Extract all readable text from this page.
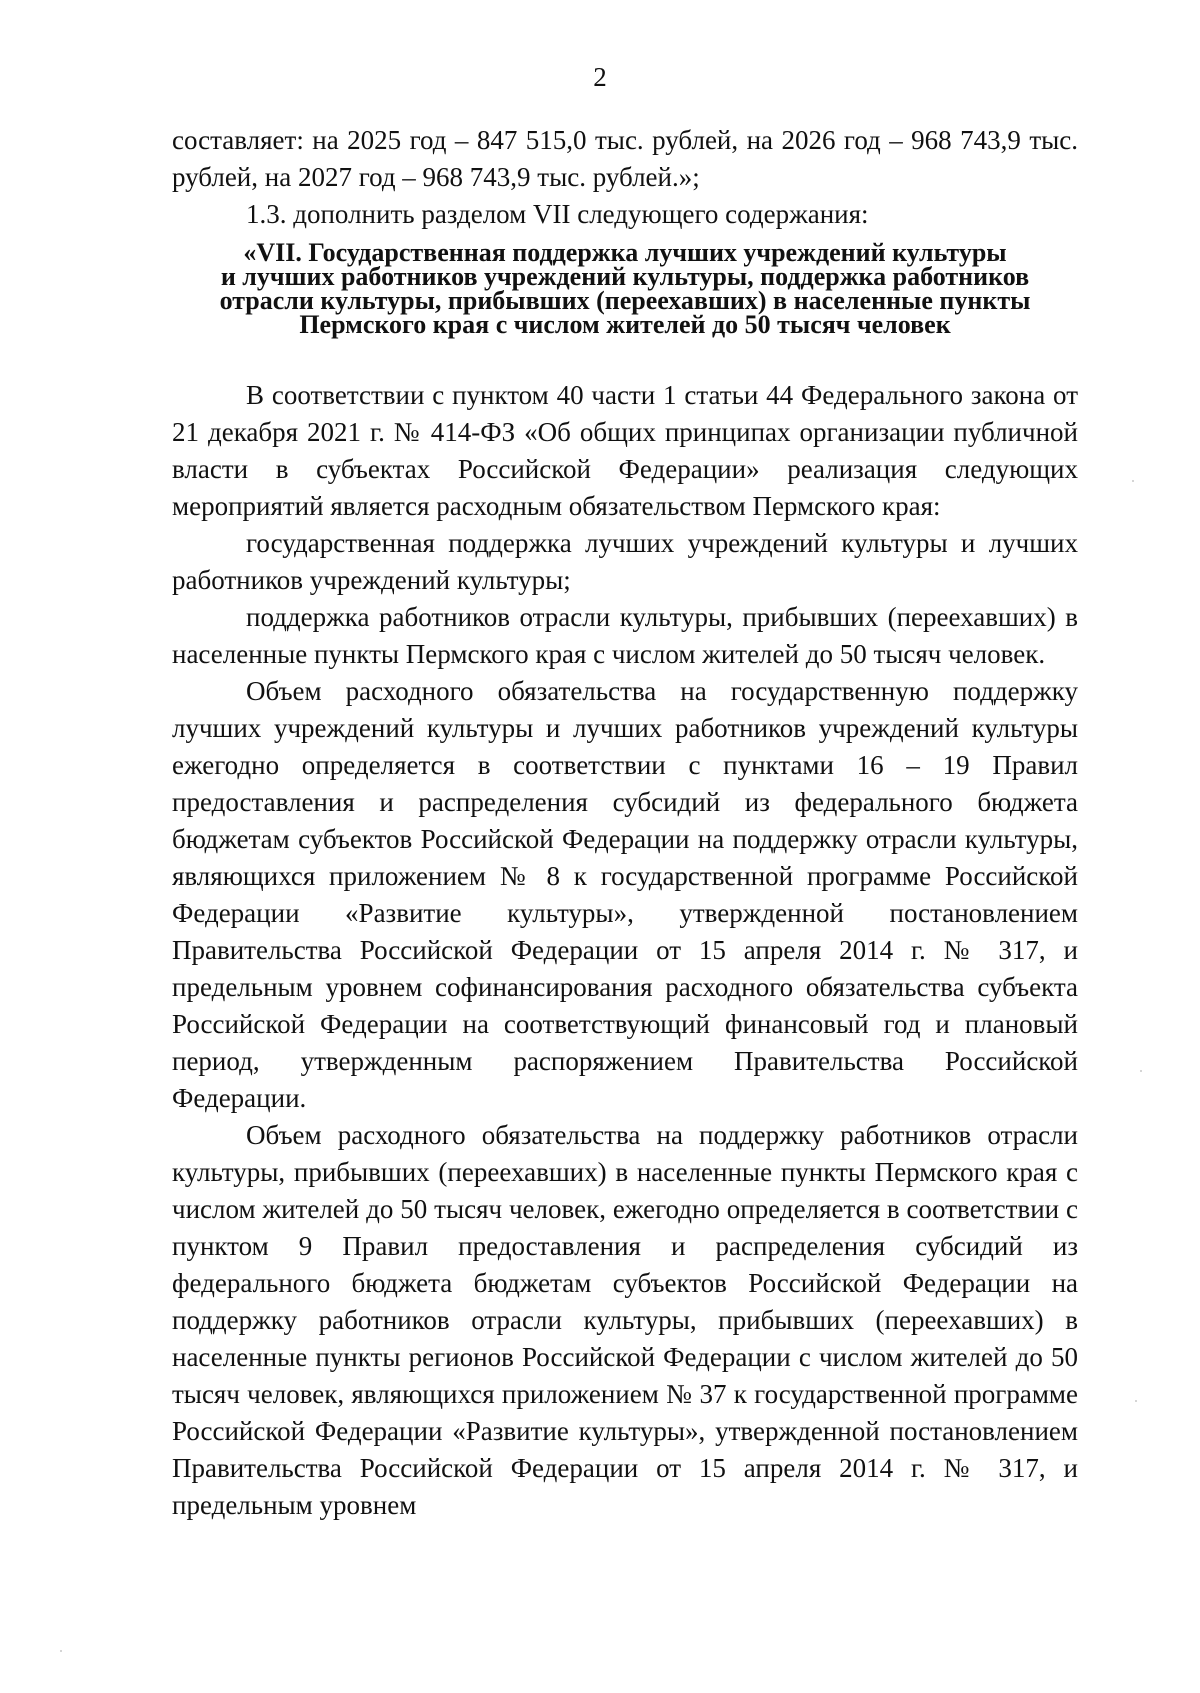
2

составляет: на 2025 год – 847 515,0 тыс. рублей, на 2026 год – 968 743,9 тыс. рублей, на 2027 год – 968 743,9 тыс. рублей.»;

1.3. дополнить разделом VII следующего содержания:

«VII. Государственная поддержка лучших учреждений культуры
и лучших работников учреждений культуры, поддержка работников
отрасли культуры, прибывших (переехавших) в населенные пункты
Пермского края с числом жителей до 50 тысяч человек

В соответствии с пунктом 40 части 1 статьи 44 Федерального закона от 21 декабря 2021 г. № 414-ФЗ «Об общих принципах организации публичной власти в субъектах Российской Федерации» реализация следующих мероприятий является расходным обязательством Пермского края:

государственная поддержка лучших учреждений культуры и лучших работников учреждений культуры;

поддержка работников отрасли культуры, прибывших (переехавших) в населенные пункты Пермского края с числом жителей до 50 тысяч человек.

Объем расходного обязательства на государственную поддержку лучших учреждений культуры и лучших работников учреждений культуры ежегодно определяется в соответствии с пунктами 16 – 19 Правил предоставления и распределения субсидий из федерального бюджета бюджетам субъектов Российской Федерации на поддержку отрасли культуры, являющихся приложением № 8 к государственной программе Российской Федерации «Развитие культуры», утвержденной постановлением Правительства Российской Федерации от 15 апреля 2014 г. № 317, и предельным уровнем софинансирования расходного обязательства субъекта Российской Федерации на соответствующий финансовый год и плановый период, утвержденным распоряжением Правительства Российской Федерации.

Объем расходного обязательства на поддержку работников отрасли культуры, прибывших (переехавших) в населенные пункты Пермского края с числом жителей до 50 тысяч человек, ежегодно определяется в соответствии с пунктом 9 Правил предоставления и распределения субсидий из федерального бюджета бюджетам субъектов Российской Федерации на поддержку работников отрасли культуры, прибывших (переехавших) в населенные пункты регионов Российской Федерации с числом жителей до 50 тысяч человек, являющихся приложением № 37 к государственной программе Российской Федерации «Развитие культуры», утвержденной постановлением Правительства Российской Федерации от 15 апреля 2014 г. № 317, и предельным уровнем
